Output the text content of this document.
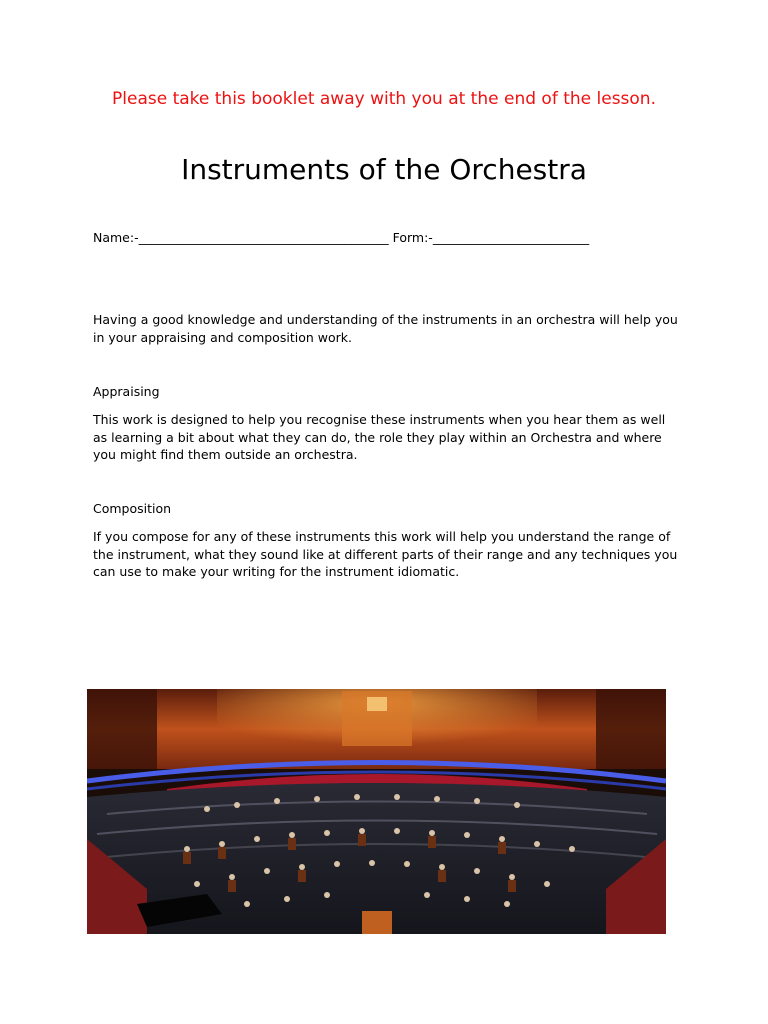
Please take this booklet away with you at the end of the lesson.
Instruments of the Orchestra
Name:-________________________________________ Form:-_________________________

Having a good knowledge and understanding of the instruments in an orchestra will help you in your appraising and composition work.

Appraising

This work is designed to help you recognise these instruments when you hear them as well as learning a bit about what they can do, the role they play within an Orchestra and where you might find them outside an orchestra.

Composition

If you compose for any of these instruments this work will help you understand the range of the instrument, what they sound like at different parts of their range and any techniques you can use to make your writing for the instrument idiomatic.
